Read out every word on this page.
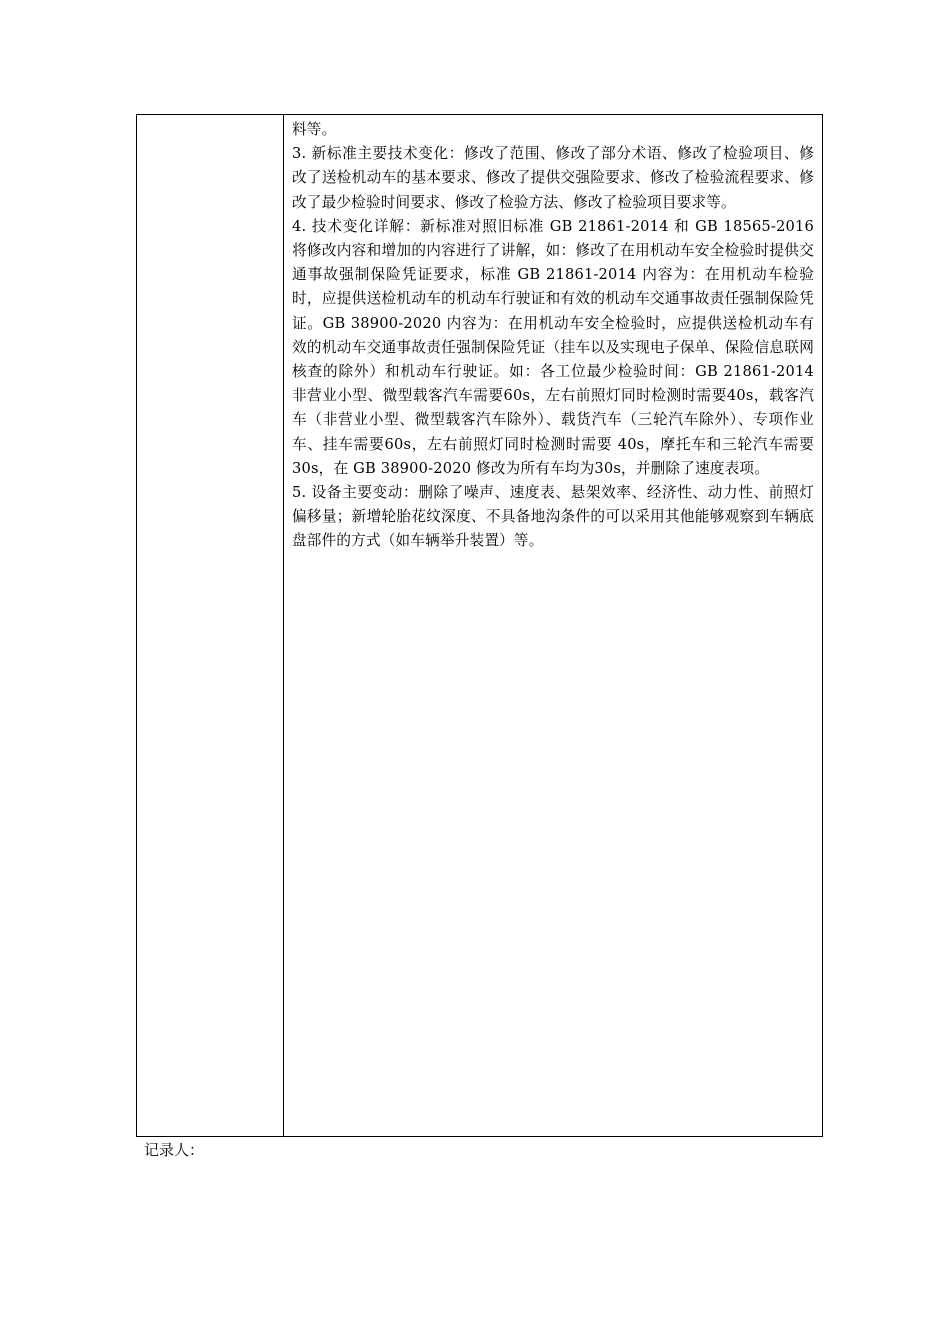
料等。

3. 新标准主要技术变化：修改了范围、修改了部分术语、修改了检验项目、修改了送检机动车的基本要求、修改了提供交强险要求、修改了检验流程要求、修改了最少检验时间要求、修改了检验方法、修改了检验项目要求等。

4. 技术变化详解：新标准对照旧标准 GB 21861-2014 和 GB 18565-2016 将修改内容和增加的内容进行了讲解，如：修改了在用机动车安全检验时提供交通事故强制保险凭证要求，标准 GB 21861-2014 内容为：在用机动车检验时，应提供送检机动车的机动车行驶证和有效的机动车交通事故责任强制保险凭证。GB 38900-2020 内容为：在用机动车安全检验时，应提供送检机动车有效的机动车交通事故责任强制保险凭证（挂车以及实现电子保单、保险信息联网核查的除外）和机动车行驶证。如：各工位最少检验时间：GB 21861-2014 非营业小型、微型载客汽车需要60s，左右前照灯同时检测时需要40s，载客汽车（非营业小型、微型载客汽车除外）、载货汽车（三轮汽车除外）、专项作业车、挂车需要60s，左右前照灯同时检测时需要 40s，摩托车和三轮汽车需要 30s，在 GB 38900-2020 修改为所有车均为30s，并删除了速度表项。

5. 设备主要变动：删除了噪声、速度表、悬架效率、经济性、动力性、前照灯偏移量；新增轮胎花纹深度、不具备地沟条件的可以采用其他能够观察到车辆底盘部件的方式（如车辆举升装置）等。

记录人：
